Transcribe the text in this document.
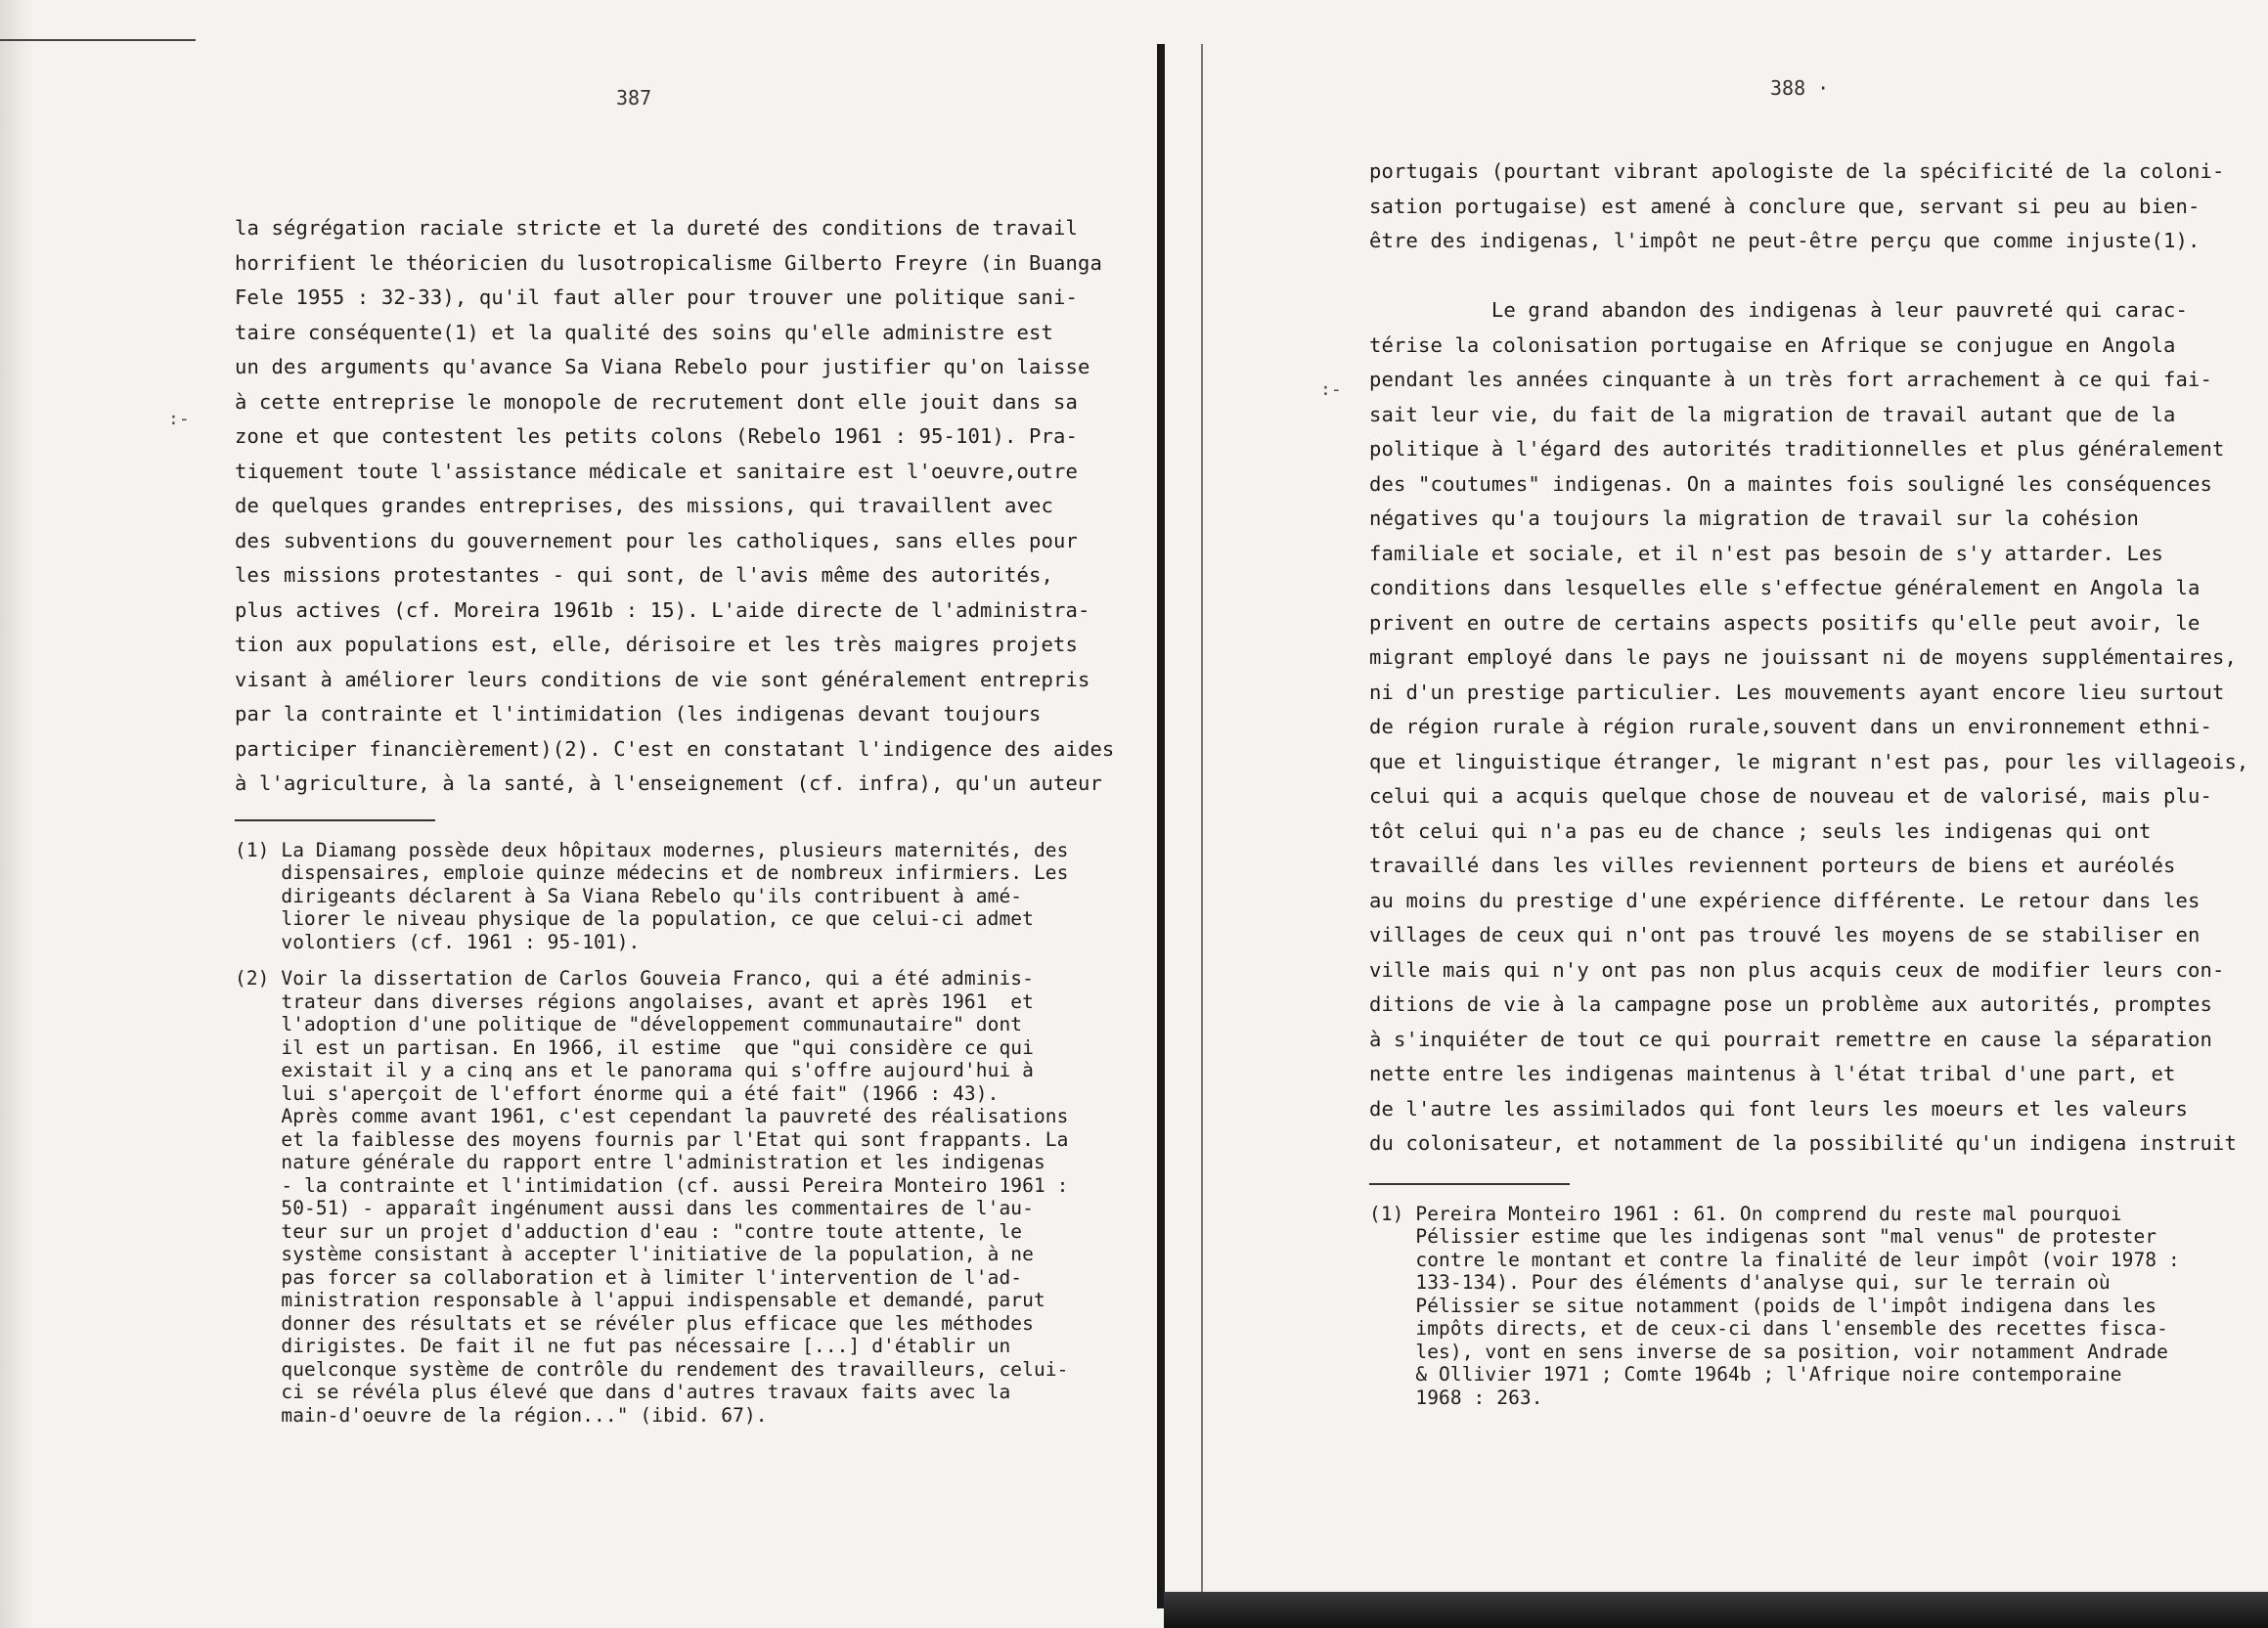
387	388 ·
:-
:-
la ségrégation raciale stricte et la dureté des conditions de travail
horrifient le théoricien du lusotropicalisme Gilberto Freyre (in Buanga
Fele 1955 : 32-33), qu'il faut aller pour trouver une politique sani-
taire conséquente(1) et la qualité des soins qu'elle administre est
un des arguments qu'avance Sa Viana Rebelo pour justifier qu'on laisse
à cette entreprise le monopole de recrutement dont elle jouit dans sa
zone et que contestent les petits colons (Rebelo 1961 : 95-101). Pra-
tiquement toute l'assistance médicale et sanitaire est l'oeuvre,outre
de quelques grandes entreprises, des missions, qui travaillent avec
des subventions du gouvernement pour les catholiques, sans elles pour
les missions protestantes - qui sont, de l'avis même des autorités,
plus actives (cf. Moreira 1961b : 15). L'aide directe de l'administra-
tion aux populations est, elle, dérisoire et les très maigres projets
visant à améliorer leurs conditions de vie sont généralement entrepris
par la contrainte et l'intimidation (les indigenas devant toujours
participer financièrement)(2). C'est en constatant l'indigence des aides
à l'agriculture, à la santé, à l'enseignement (cf. infra), qu'un auteur
(1) La Diamang possède deux hôpitaux modernes, plusieurs maternités, des
dispensaires, emploie quinze médecins et de nombreux infirmiers. Les
dirigeants déclarent à Sa Viana Rebelo qu'ils contribuent à amé-
liorer le niveau physique de la population, ce que celui-ci admet
volontiers (cf. 1961 : 95-101).
(2) Voir la dissertation de Carlos Gouveia Franco, qui a été adminis-
trateur dans diverses régions angolaises, avant et après 1961  et
l'adoption d'une politique de "développement communautaire" dont
il est un partisan. En 1966, il estime  que "qui considère ce qui
existait il y a cinq ans et le panorama qui s'offre aujourd'hui à
lui s'aperçoit de l'effort énorme qui a été fait" (1966 : 43).
Après comme avant 1961, c'est cependant la pauvreté des réalisations
et la faiblesse des moyens fournis par l'Etat qui sont frappants. La
nature générale du rapport entre l'administration et les indigenas
- la contrainte et l'intimidation (cf. aussi Pereira Monteiro 1961 :
50-51) - apparaît ingénument aussi dans les commentaires de l'au-
teur sur un projet d'adduction d'eau : "contre toute attente, le
système consistant à accepter l'initiative de la population, à ne
pas forcer sa collaboration et à limiter l'intervention de l'ad-
ministration responsable à l'appui indispensable et demandé, parut
donner des résultats et se révéler plus efficace que les méthodes
dirigistes. De fait il ne fut pas nécessaire [...] d'établir un
quelconque système de contrôle du rendement des travailleurs, celui-
ci se révéla plus élevé que dans d'autres travaux faits avec la
main-d'oeuvre de la région..." (ibid. 67).
portugais (pourtant vibrant apologiste de la spécificité de la coloni-
sation portugaise) est amené à conclure que, servant si peu au bien-
être des indigenas, l'impôt ne peut-être perçu que comme injuste(1).

Le grand abandon des indigenas à leur pauvreté qui carac-
térise la colonisation portugaise en Afrique se conjugue en Angola
pendant les années cinquante à un très fort arrachement à ce qui fai-
sait leur vie, du fait de la migration de travail autant que de la
politique à l'égard des autorités traditionnelles et plus généralement
des "coutumes" indigenas. On a maintes fois souligné les conséquences
négatives qu'a toujours la migration de travail sur la cohésion
familiale et sociale, et il n'est pas besoin de s'y attarder. Les
conditions dans lesquelles elle s'effectue généralement en Angola la
privent en outre de certains aspects positifs qu'elle peut avoir, le
migrant employé dans le pays ne jouissant ni de moyens supplémentaires,
ni d'un prestige particulier. Les mouvements ayant encore lieu surtout
de région rurale à région rurale,souvent dans un environnement ethni-
que et linguistique étranger, le migrant n'est pas, pour les villageois,
celui qui a acquis quelque chose de nouveau et de valorisé, mais plu-
tôt celui qui n'a pas eu de chance ; seuls les indigenas qui ont
travaillé dans les villes reviennent porteurs de biens et auréolés
au moins du prestige d'une expérience différente. Le retour dans les
villages de ceux qui n'ont pas trouvé les moyens de se stabiliser en
ville mais qui n'y ont pas non plus acquis ceux de modifier leurs con-
ditions de vie à la campagne pose un problème aux autorités, promptes
à s'inquiéter de tout ce qui pourrait remettre en cause la séparation
nette entre les indigenas maintenus à l'état tribal d'une part, et
de l'autre les assimilados qui font leurs les moeurs et les valeurs
du colonisateur, et notamment de la possibilité qu'un indigena instruit
(1) Pereira Monteiro 1961 : 61. On comprend du reste mal pourquoi
Pélissier estime que les indigenas sont "mal venus" de protester
contre le montant et contre la finalité de leur impôt (voir 1978 :
133-134). Pour des éléments d'analyse qui, sur le terrain où
Pélissier se situe notamment (poids de l'impôt indigena dans les
impôts directs, et de ceux-ci dans l'ensemble des recettes fisca-
les), vont en sens inverse de sa position, voir notamment Andrade
& Ollivier 1971 ; Comte 1964b ; l'Afrique noire contemporaine
1968 : 263.
